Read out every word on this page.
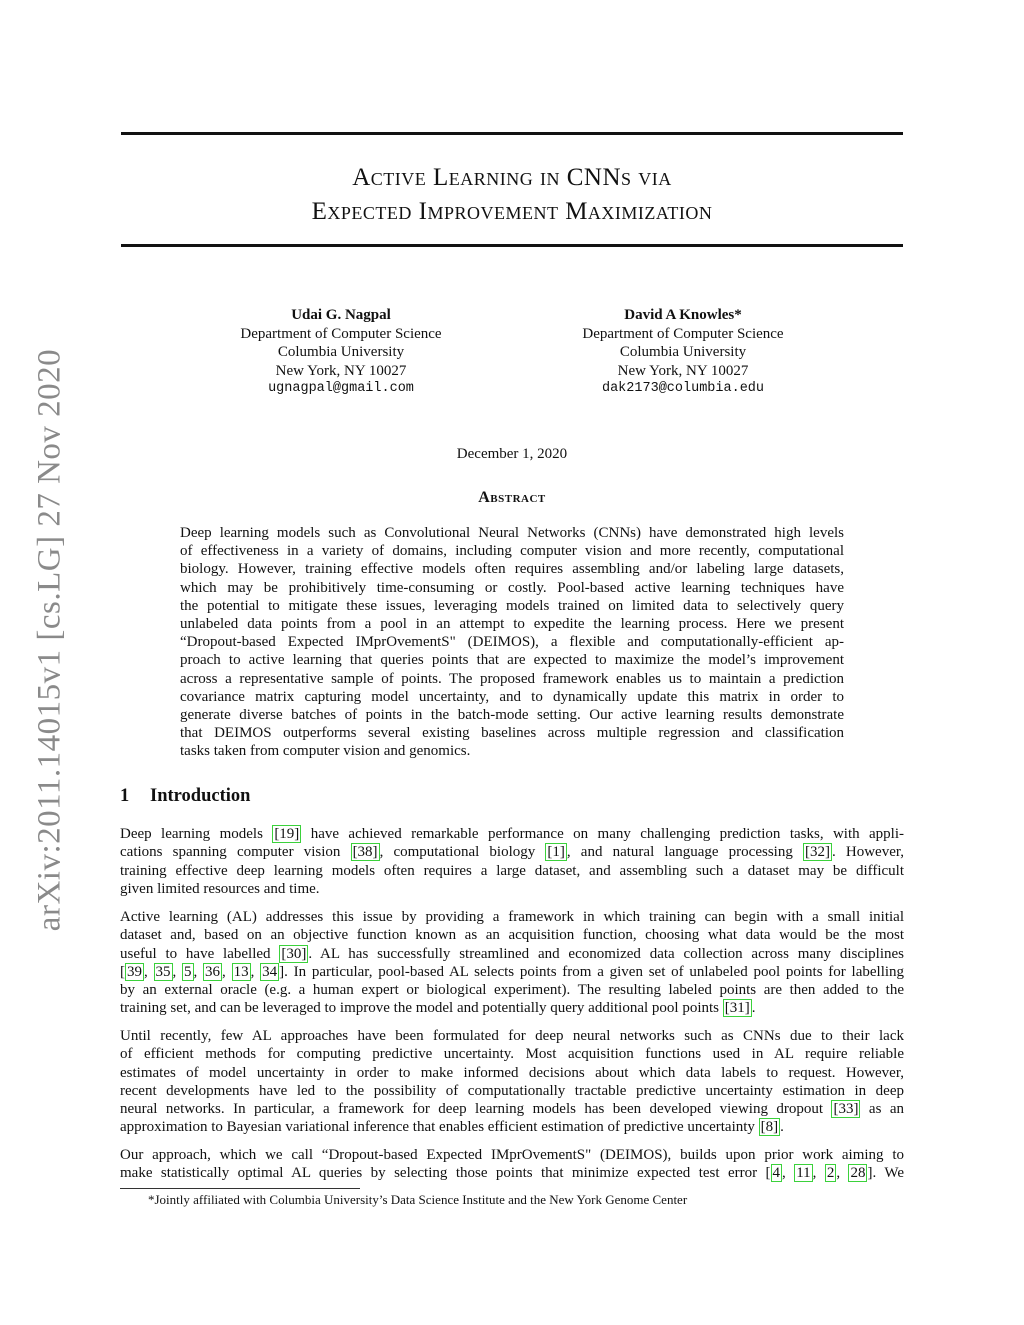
arXiv:2011.14015v1 [cs.LG] 27 Nov 2020
Active Learning in CNNs via
Expected Improvement Maximization
Udai G. Nagpal
Department of Computer Science
Columbia University
New York, NY 10027
ugnagpal@gmail.com
David A Knowles*
Department of Computer Science
Columbia University
New York, NY 10027
dak2173@columbia.edu
December 1, 2020
Abstract
Deep learning models such as Convolutional Neural Networks (CNNs) have demonstrated high levels
of effectiveness in a variety of domains, including computer vision and more recently, computational
biology. However, training effective models often requires assembling and/or labeling large datasets,
which may be prohibitively time-consuming or costly. Pool-based active learning techniques have
the potential to mitigate these issues, leveraging models trained on limited data to selectively query
unlabeled data points from a pool in an attempt to expedite the learning process. Here we present
“Dropout-based Expected IMprOvementS" (DEIMOS), a flexible and computationally-efficient ap-
proach to active learning that queries points that are expected to maximize the model’s improvement
across a representative sample of points. The proposed framework enables us to maintain a prediction
covariance matrix capturing model uncertainty, and to dynamically update this matrix in order to
generate diverse batches of points in the batch-mode setting. Our active learning results demonstrate
that DEIMOS outperforms several existing baselines across multiple regression and classification
tasks taken from computer vision and genomics.
1 Introduction
Deep learning models [19] have achieved remarkable performance on many challenging prediction tasks, with appli-
cations spanning computer vision [38] , computational biology [1] , and natural language processing [32] . However,
training effective deep learning models often requires a large dataset, and assembling such a dataset may be difficult
given limited resources and time.
Active learning (AL) addresses this issue by providing a framework in which training can begin with a small initial
dataset and, based on an objective function known as an acquisition function, choosing what data would be the most
useful to have labelled [30] . AL has successfully streamlined and economized data collection across many disciplines
[ 39 , 35 , 5 , 36 , 13 , 34 ]. In particular, pool-based AL selects points from a given set of unlabeled pool points for labelling
by an external oracle (e.g. a human expert or biological experiment). The resulting labeled points are then added to the
training set, and can be leveraged to improve the model and potentially query additional pool points [31] .
Until recently, few AL approaches have been formulated for deep neural networks such as CNNs due to their lack
of efficient methods for computing predictive uncertainty. Most acquisition functions used in AL require reliable
estimates of model uncertainty in order to make informed decisions about which data labels to request. However,
recent developments have led to the possibility of computationally tractable predictive uncertainty estimation in deep
neural networks. In particular, a framework for deep learning models has been developed viewing dropout [33] as an
approximation to Bayesian variational inference that enables efficient estimation of predictive uncertainty [8] .
Our approach, which we call “Dropout-based Expected IMprOvementS" (DEIMOS), builds upon prior work aiming to
make statistically optimal AL queries by selecting those points that minimize expected test error [ 4 , 11 , 2 , 28 ]. We
*Jointly affiliated with Columbia University’s Data Science Institute and the New York Genome Center
